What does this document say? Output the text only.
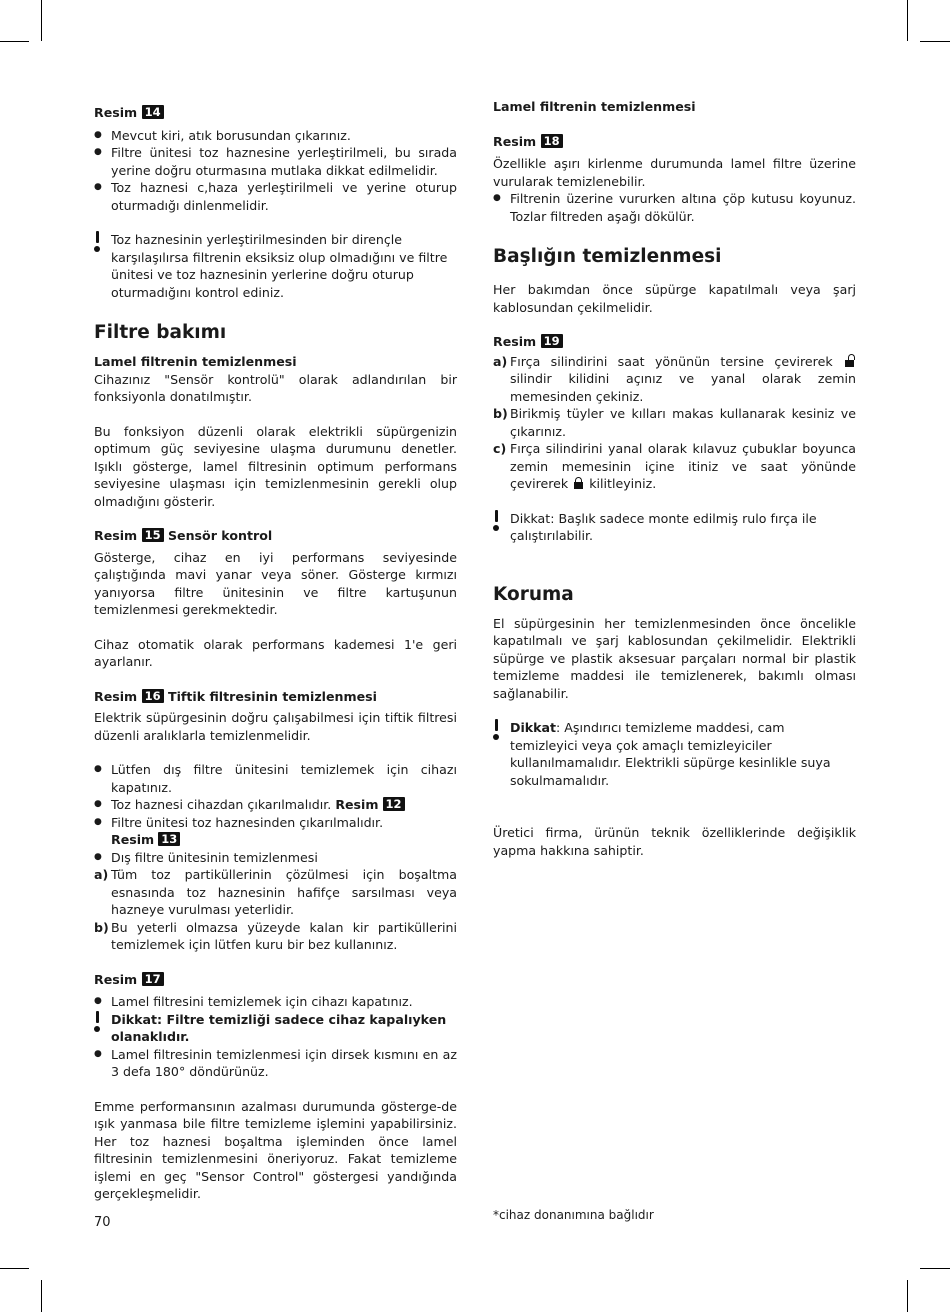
Resim 14
● Mevcut kiri, atık borusundan çıkarınız.
● Filtre ünitesi toz haznesine yerleştirilmeli, bu sırada yerine doğru oturmasına mutlaka dikkat edilmelidir.
● Toz haznesi c,haza yerleştirilmeli ve yerine oturup oturmadığı dinlenmelidir.
Toz haznesinin yerleştirilmesinden bir dirençle karşılaşılırsa filtrenin eksiksiz olup olmadığını ve filtre ünitesi ve toz haznesinin yerlerine doğru oturup oturmadığını kontrol ediniz.
Filtre bakımı
Lamel filtrenin temizlenmesi

Cihazınız "Sensör kontrolü" olarak adlandırılan bir fonksiyonla donatılmıştır.

Bu fonksiyon düzenli olarak elektrikli süpürgenizin optimum güç seviyesine ulaşma durumunu denetler. Işıklı gösterge, lamel filtresinin optimum performans seviyesine ulaşması için temizlenmesinin gerekli olup olmadığını gösterir.

Resim 15 Sensör kontrol

Gösterge, cihaz en iyi performans seviyesinde çalıştığında mavi yanar veya söner. Gösterge kırmızı yanıyorsa filtre ünitesinin ve filtre kartuşunun temizlenmesi gerekmektedir.

Cihaz otomatik olarak performans kademesi 1'e geri ayarlanır.

Resim 16 Tiftik filtresinin temizlenmesi

Elektrik süpürgesinin doğru çalışabilmesi için tiftik filtresi düzenli aralıklarla temizlenmelidir.

● Lütfen dış filtre ünitesini temizlemek için cihazı kapatınız.
● Toz haznesi cihazdan çıkarılmalıdır. Resim 12
● Filtre ünitesi toz haznesinden çıkarılmalıdır.
Resim 13
● Dış filtre ünitesinin temizlenmesi
a) Tüm toz partiküllerinin çözülmesi için boşaltma esnasında toz haznesinin hafifçe sarsılması veya hazneye vurulması yeterlidir.
b) Bu yeterli olmazsa yüzeyde kalan kir partiküllerini temizlemek için lütfen kuru bir bez kullanınız.
Resim 17
● Lamel filtresini temizlemek için cihazı kapatınız.
Dikkat: Filtre temizliği sadece cihaz kapalıyken olanaklıdır.
● Lamel filtresinin temizlenmesi için dirsek kısmını en az 3 defa 180° döndürünüz.

Emme performansının azalması durumunda gösterge-de ışık yanmasa bile filtre temizleme işlemini yapabilirsiniz. Her toz haznesi boşaltma işleminden önce lamel filtresinin temizlenmesini öneriyoruz. Fakat temizleme işlemi en geç "Sensor Control" göstergesi yandığında gerçekleşmelidir.

70
Lamel filtrenin temizlenmesi
Resim 18

Özellikle aşırı kirlenme durumunda lamel filtre üzerine vurularak temizlenebilir.

● Filtrenin üzerine vururken altına çöp kutusu koyunuz. Tozlar filtreden aşağı dökülür.
Başlığın temizlenmesi

Her bakımdan önce süpürge kapatılmalı veya şarj kablosundan çekilmelidir.

Resim 19
a) Fırça silindirini saat yönünün tersine çevirerek
silindir kilidini açınız ve yanal olarak zemin memesinden çekiniz.
b) Birikmiş tüyler ve kılları makas kullanarak kesiniz ve çıkarınız.
c) Fırça silindirini yanal olarak kılavuz çubuklar boyunca zemin memesinin içine itiniz ve saat yönünde çevirerek kilitleyiniz.
Dikkat: Başlık sadece monte edilmiş rulo fırça ile çalıştırılabilir.
Koruma

El süpürgesinin her temizlenmesinden önce öncelikle kapatılmalı ve şarj kablosundan çekilmelidir. Elektrikli süpürge ve plastik aksesuar parçaları normal bir plastik temizleme maddesi ile temizlenerek, bakımlı olması sağlanabilir.

Dikkat: Aşındırıcı temizleme maddesi, cam temizleyici veya çok amaçlı temizleyiciler kullanılmamalıdır. Elektrikli süpürge kesinlikle suya sokulmamalıdır.

Üretici firma, ürünün teknik özelliklerinde değişiklik yapma hakkına sahiptir.

*cihaz donanımına bağlıdır
